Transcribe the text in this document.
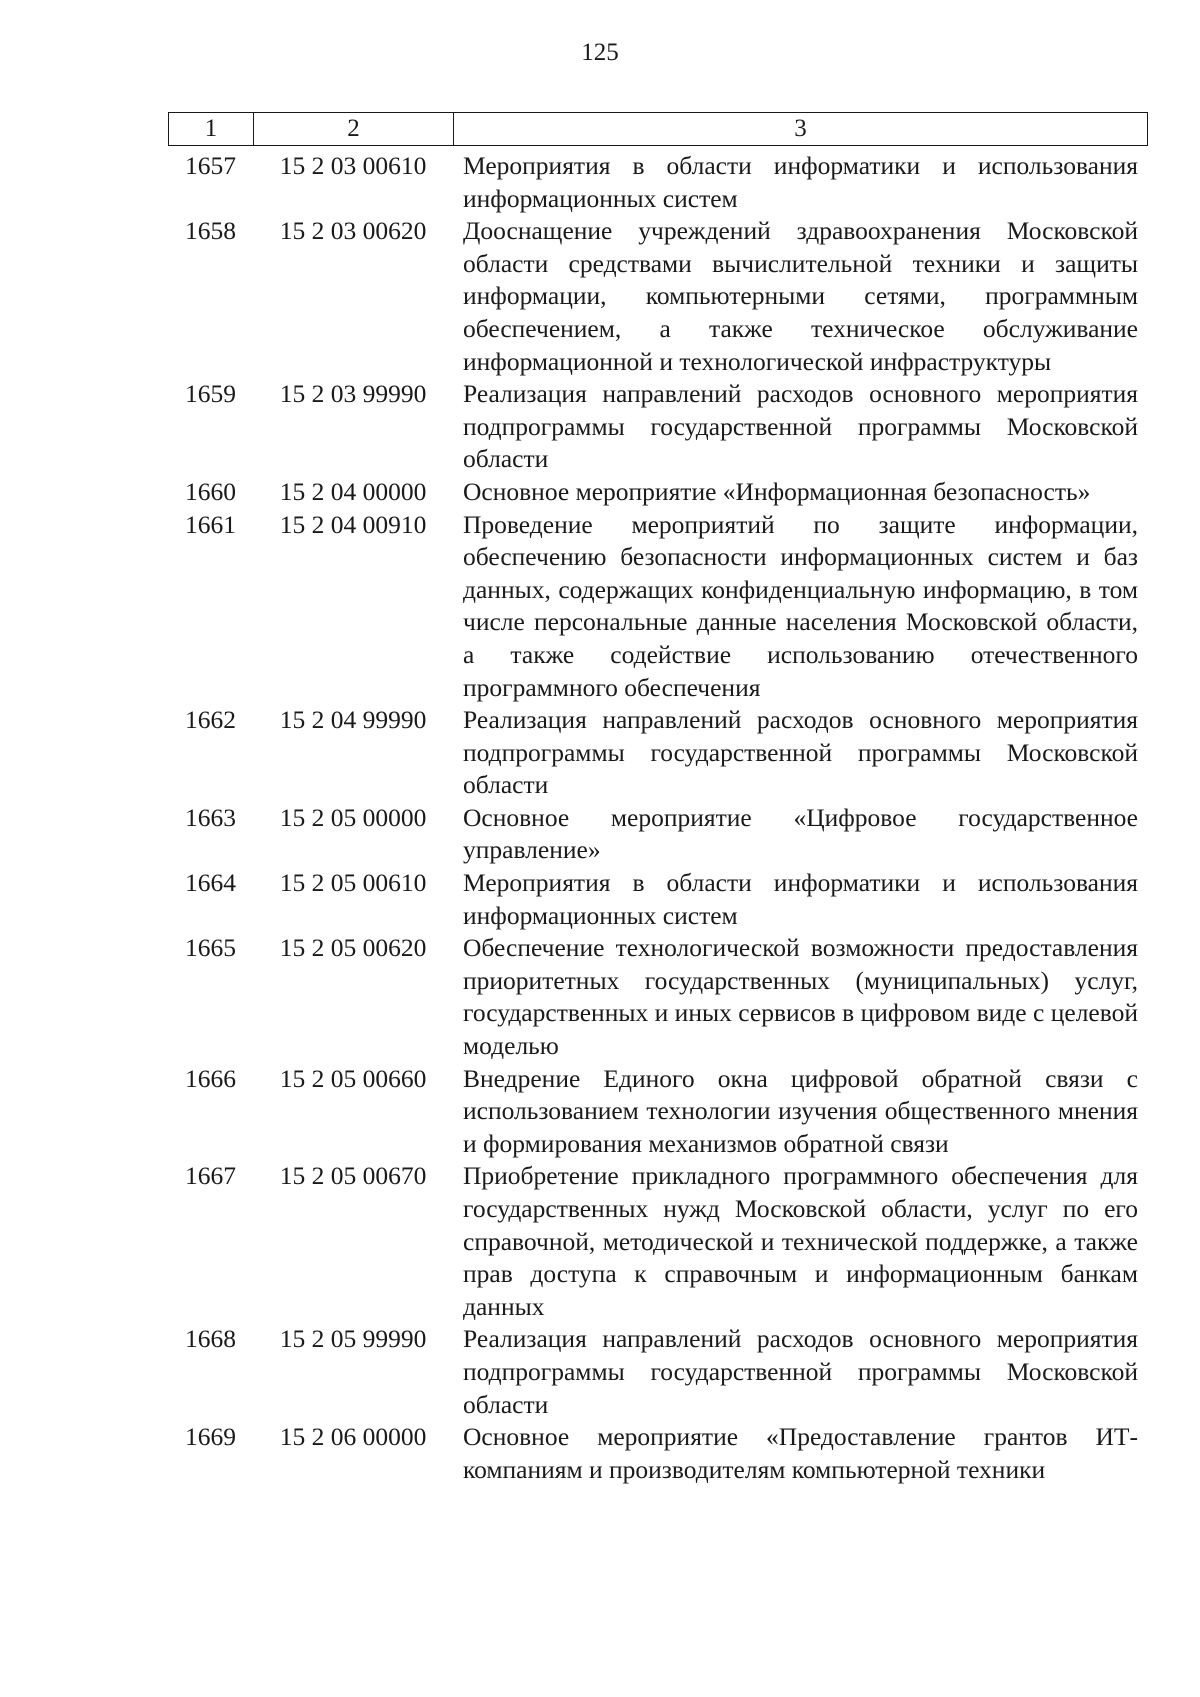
125
1	2	3
1657	15 2 03 00610	Мероприятия в области информатики и использования информационных систем
1658	15 2 03 00620	Дооснащение учреждений здравоохранения Московской области средствами вычислительной техники и защиты информации, компьютерными сетями, программным обеспечением, а также техническое обслуживание информационной и технологической инфраструктуры
1659	15 2 03 99990	Реализация направлений расходов основного мероприятия подпрограммы государственной программы Московской области
1660	15 2 04 00000	Основное мероприятие «Информационная безопасность»
1661	15 2 04 00910	Проведение мероприятий по защите информации, обеспечению безопасности информационных систем и баз данных, содержащих конфиденциальную информацию, в том числе персональные данные населения Московской области, а также содействие использованию отечественного программного обеспечения
1662	15 2 04 99990	Реализация направлений расходов основного мероприятия подпрограммы государственной программы Московской области
1663	15 2 05 00000	Основное мероприятие «Цифровое государственное управление»
1664	15 2 05 00610	Мероприятия в области информатики и использования информационных систем
1665	15 2 05 00620	Обеспечение технологической возможности предоставления приоритетных государственных (муниципальных) услуг, государственных и иных сервисов в цифровом виде с целевой моделью
1666	15 2 05 00660	Внедрение Единого окна цифровой обратной связи с использованием технологии изучения общественного мнения и формирования механизмов обратной связи
1667	15 2 05 00670	Приобретение прикладного программного обеспечения для государственных нужд Московской области, услуг по его справочной, методической и технической поддержке, а также прав доступа к справочным и информационным банкам данных
1668	15 2 05 99990	Реализация направлений расходов основного мероприятия подпрограммы государственной программы Московской области
1669	15 2 06 00000	Основное мероприятие «Предоставление грантов ИТ-компаниям и производителям компьютерной техники
